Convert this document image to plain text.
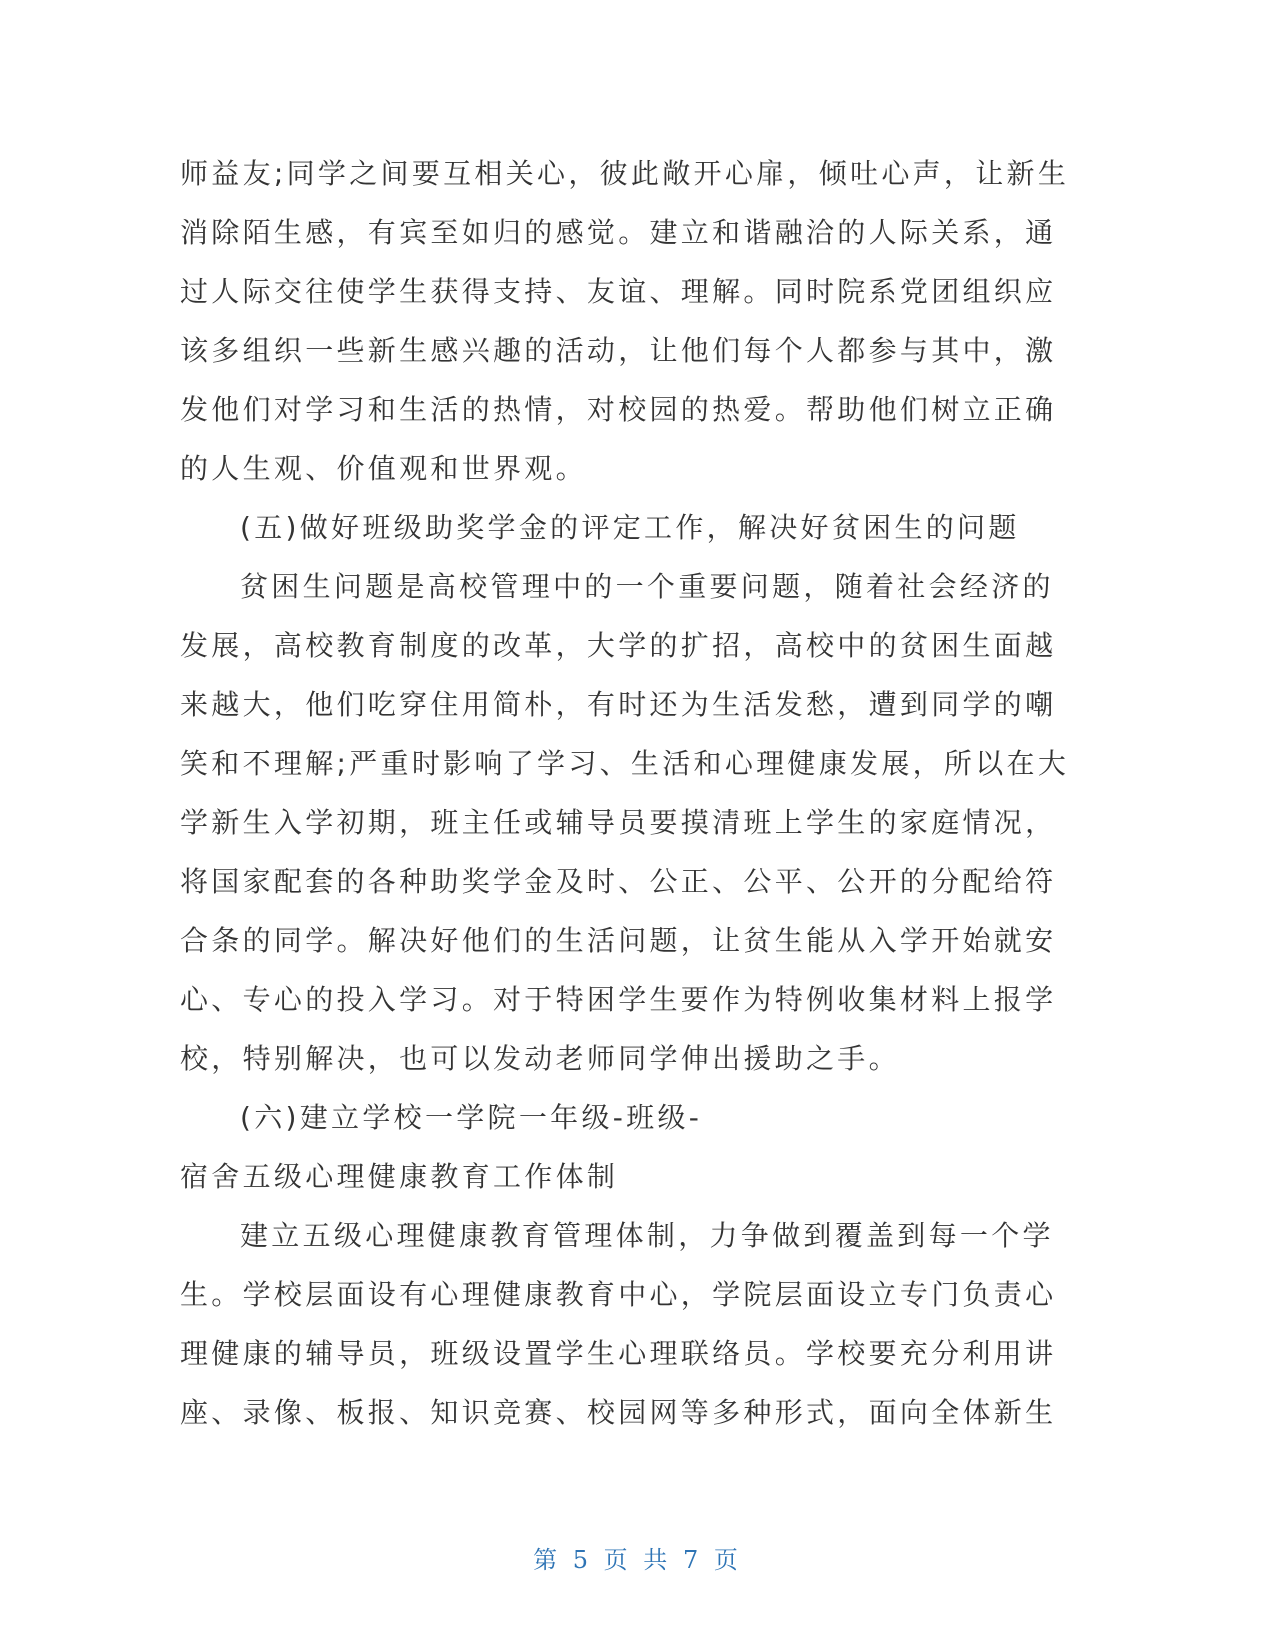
师益友;同学之间要互相关心，彼此敞开心扉，倾吐心声，让新生
消除陌生感，有宾至如归的感觉。建立和谐融洽的人际关系，通
过人际交往使学生获得支持、友谊、理解。同时院系党团组织应
该多组织一些新生感兴趣的活动，让他们每个人都参与其中，激
发他们对学习和生活的热情，对校园的热爱。帮助他们树立正确
的人生观、价值观和世界观。
(五)做好班级助奖学金的评定工作，解决好贫困生的问题
贫困生问题是高校管理中的一个重要问题，随着社会经济的
发展，高校教育制度的改革，大学的扩招，高校中的贫困生面越
来越大，他们吃穿住用简朴，有时还为生活发愁，遭到同学的嘲
笑和不理解;严重时影响了学习、生活和心理健康发展，所以在大
学新生入学初期，班主任或辅导员要摸清班上学生的家庭情况，
将国家配套的各种助奖学金及时、公正、公平、公开的分配给符
合条的同学。解决好他们的生活问题，让贫生能从入学开始就安
心、专心的投入学习。对于特困学生要作为特例收集材料上报学
校，特别解决，也可以发动老师同学伸出援助之手。
(六)建立学校一学院一年级-班级-
宿舍五级心理健康教育工作体制
建立五级心理健康教育管理体制，力争做到覆盖到每一个学
生。学校层面设有心理健康教育中心，学院层面设立专门负责心
理健康的辅导员，班级设置学生心理联络员。学校要充分利用讲
座、录像、板报、知识竞赛、校园网等多种形式，面向全体新生
第 5 页 共 7 页
